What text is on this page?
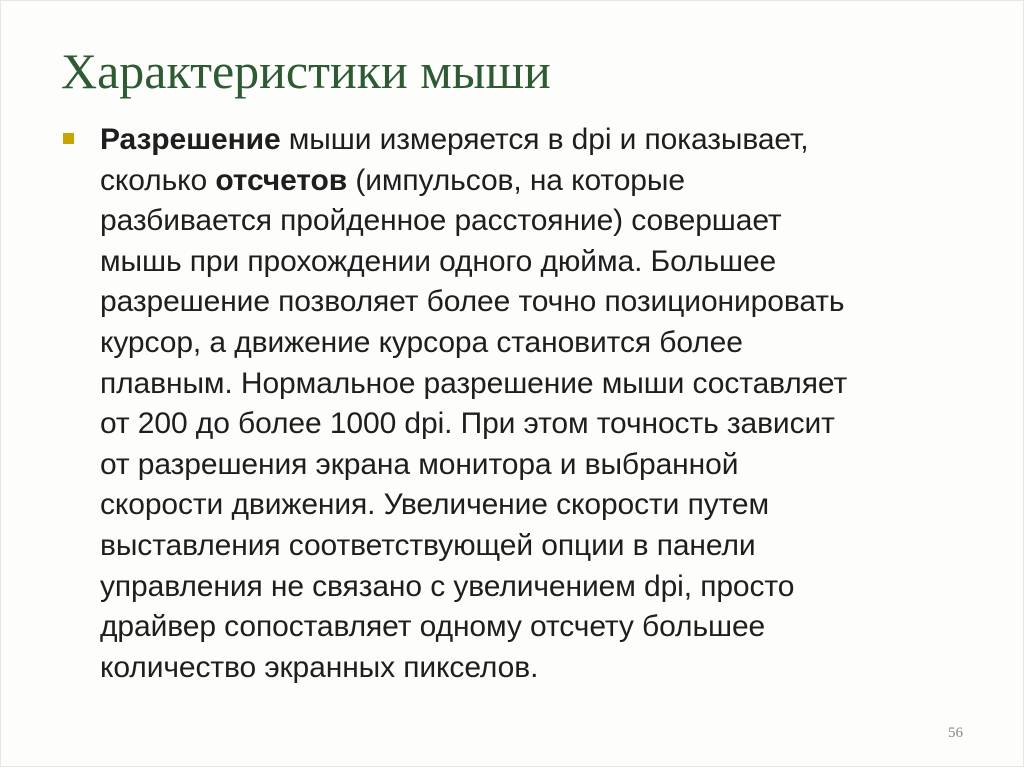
Характеристики мыши
Разрешение мыши измеряется в dpi и показывает,
сколько отсчетов (импульсов, на которые
разбивается пройденное расстояние) совершает
мышь при прохождении одного дюйма. Большее
разрешение позволяет более точно позиционировать
курсор, а движение курсора становится более
плавным. Нормальное разрешение мыши составляет
от 200 до более 1000 dpi. При этом точность зависит
от разрешения экрана монитора и выбранной
скорости движения. Увеличение скорости путем
выставления соответствующей опции в панели
управления не связано с увеличением dpi, просто
драйвер сопоставляет одному отсчету большее
количество экранных пикселов.
56
